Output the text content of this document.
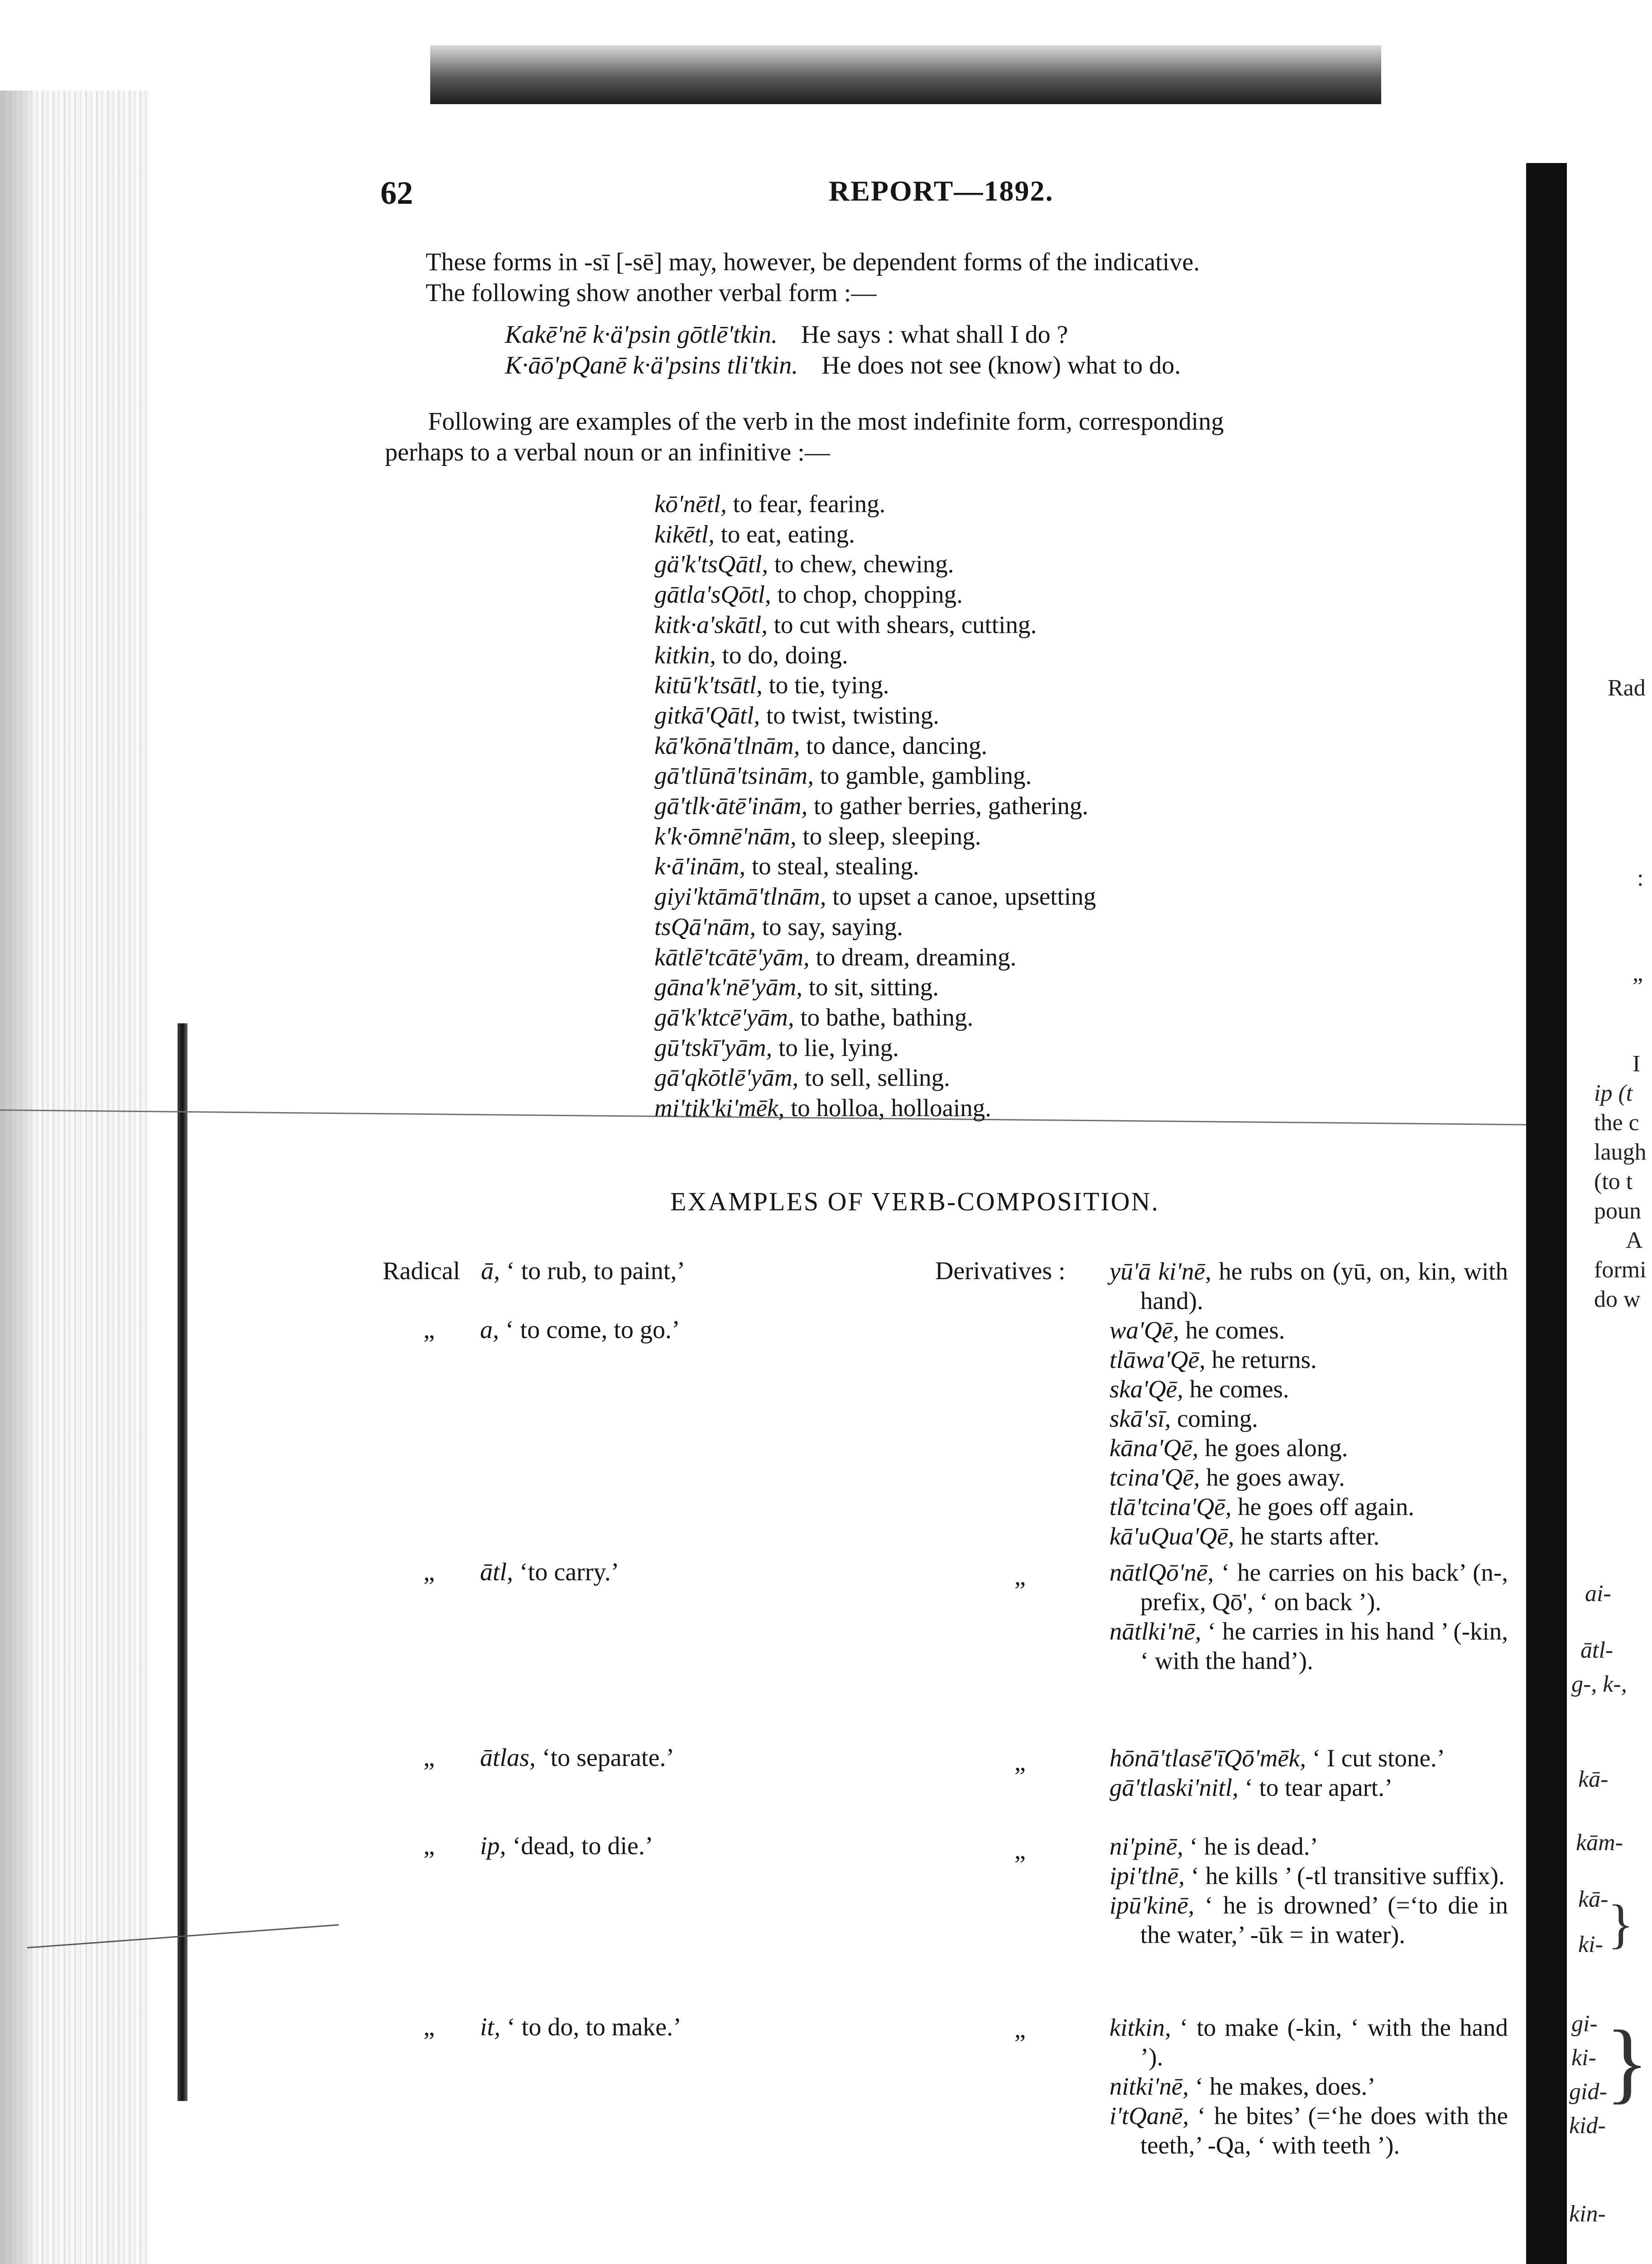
62	REPORT—1892.
These forms in -sī [-sē] may, however, be dependent forms of the indicative.
The following show another verbal form :—
Kakē'nē k·ä'psin gōtlē'tkin. He says : what shall I do ?
K·āō'pQanē k·ä'psins tli'tkin. He does not see (know) what to do.
Following are examples of the verb in the most indefinite form, corresponding
perhaps to a verbal noun or an infinitive :—
kō'nētl, to fear, fearing.
kikētl, to eat, eating.
gä'k'tsQātl, to chew, chewing.
gātla'sQōtl, to chop, chopping.
kitk·a'skātl, to cut with shears, cutting.
kitkin, to do, doing.
kitū'k'tsātl, to tie, tying.
gitkā'Qātl, to twist, twisting.
kā'kōnā'tlnām, to dance, dancing.
gā'tlūnā'tsinām, to gamble, gambling.
gā'tlk·ātē'inām, to gather berries, gathering.
k'k·ōmnē'nām, to sleep, sleeping.
k·ā'inām, to steal, stealing.
giyi'ktāmā'tlnām, to upset a canoe, upsetting
tsQā'nām, to say, saying.
kātlē'tcātē'yām, to dream, dreaming.
gāna'k'nē'yām, to sit, sitting.
gā'k'ktcē'yām, to bathe, bathing.
gū'tskī'yām, to lie, lying.
gā'qkōtlē'yām, to sell, selling.
mi'tik'ki'mēk, to holloa, holloaing.
EXAMPLES OF VERB-COMPOSITION.
Radical ā, ‘ to rub, to paint,’
„ a, ‘ to come, to go.’
„ ātl, ‘to carry.’
„ ātlas, ‘to separate.’
„ ip, ‘dead, to die.’
„ it, ‘ to do, to make.’
Derivatives :
„
„
„
„
yū'ā ki'nē, he rubs on (yū, on, kin, with hand).
wa'Qē, he comes.
tlāwa'Qē, he returns.
ska'Qē, he comes.
skā'sī, coming.
kāna'Qē, he goes along.
tcina'Qē, he goes away.
tlā'tcina'Qē, he goes off again.
kā'uQua'Qē, he starts after.
nātlQō'nē, ‘ he carries on his back’ (n-, prefix, Qō', ‘ on back ’).
nātlki'nē, ‘ he carries in his hand ’ (-kin, ‘ with the hand’).
hōnā'tlasē'īQō'mēk, ‘ I cut stone.’
gā'tlaski'nitl, ‘ to tear apart.’
ni'pinē, ‘ he is dead.’
ipi'tlnē, ‘ he kills ’ (-tl transitive suffix).
ipū'kinē, ‘ he is drowned’ (=‘to die in the water,’ -ūk = in water).
kitkin, ‘ to make (-kin, ‘ with the hand ’).
nitki'nē, ‘ he makes, does.’
i'tQanē, ‘ he bites’ (=‘he does with the teeth,’ -Qa, ‘ with teeth ’).
Rad
:
„
I
ip (t
the c
laugh
(to t
poun
A
formi
do w
ai-
ātl-
g-, k-,
kā-
kām-
kā-
ki- }
gi-
ki-
gid-
kid-
}
kin-
